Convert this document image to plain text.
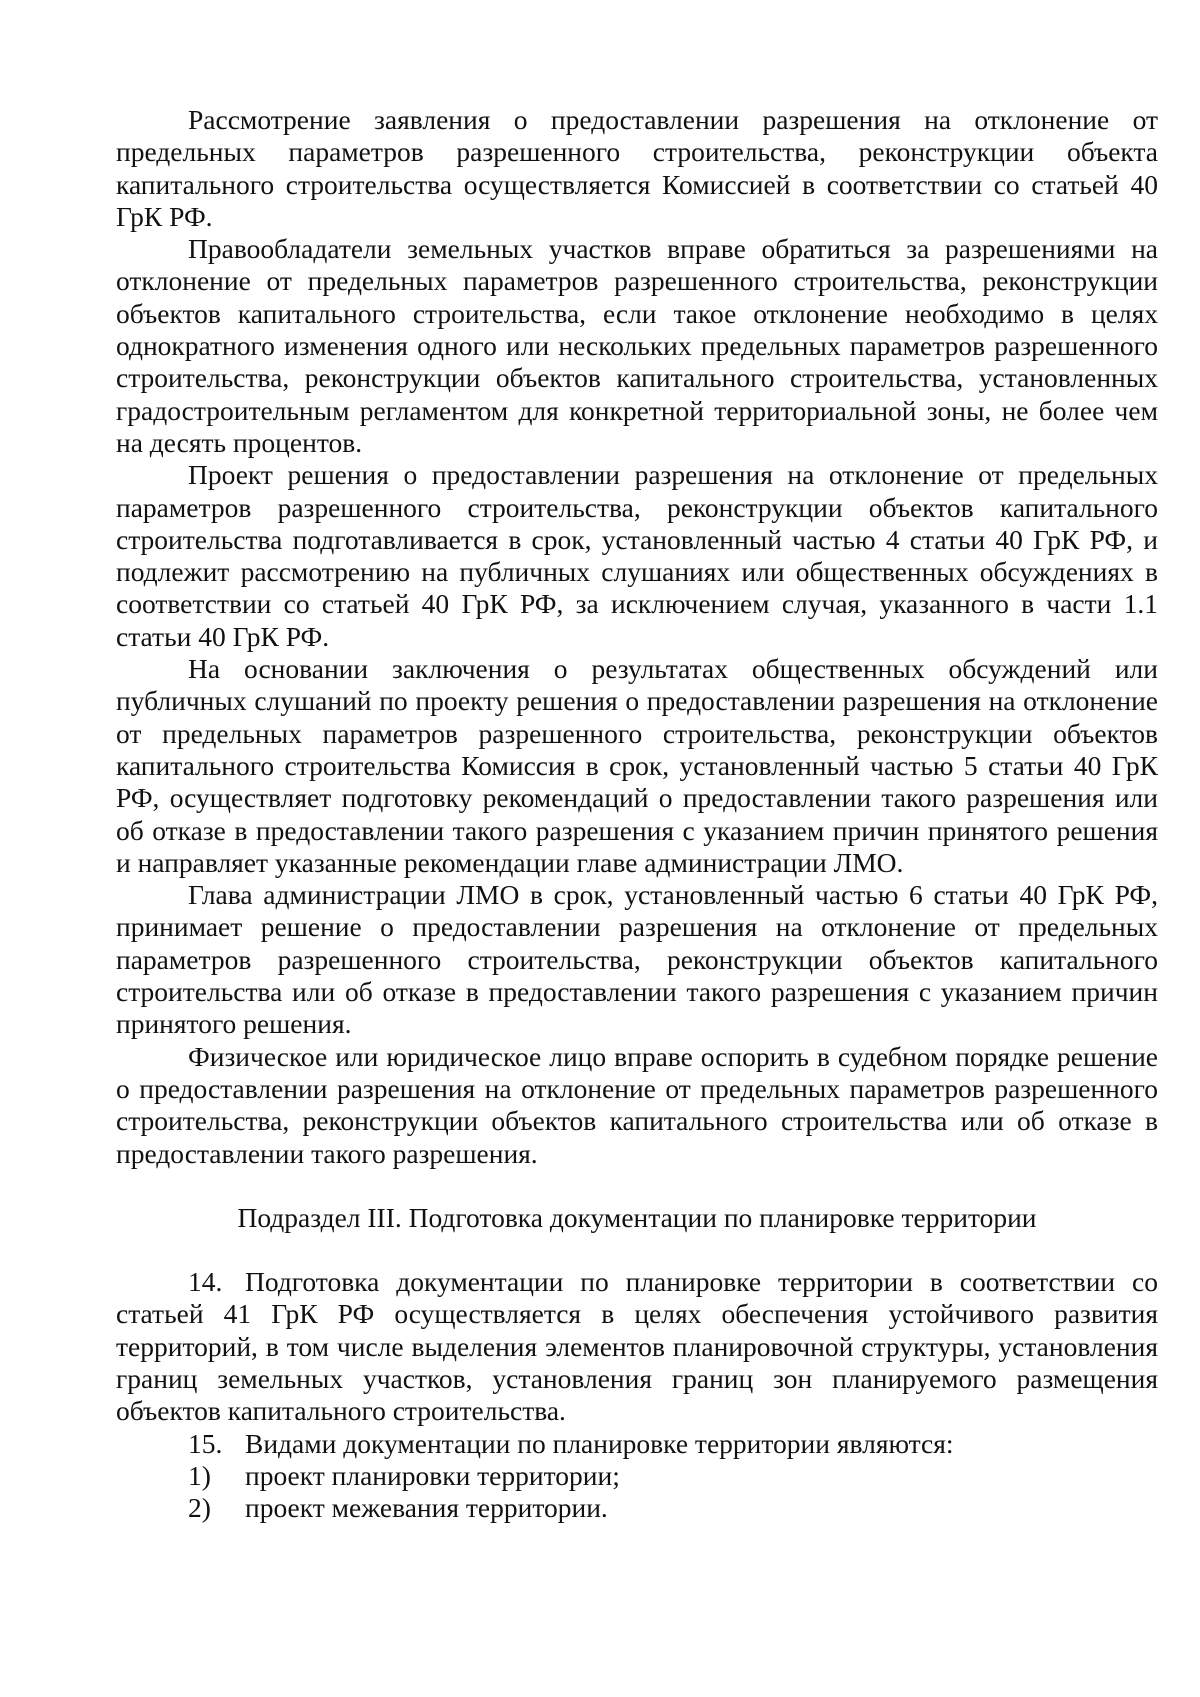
Рассмотрение заявления о предоставлении разрешения на отклонение от предельных параметров разрешенного строительства, реконструкции объекта капитального строительства осуществляется Комиссией в соответствии со статьей 40 ГрК РФ.

Правообладатели земельных участков вправе обратиться за разрешениями на отклонение от предельных параметров разрешенного строительства, реконструкции объектов капитального строительства, если такое отклонение необходимо в целях однократного изменения одного или нескольких предельных параметров разрешенного строительства, реконструкции объектов капитального строительства, установленных градостроительным регламентом для конкретной территориальной зоны, не более чем на десять процентов.

Проект решения о предоставлении разрешения на отклонение от предельных параметров разрешенного строительства, реконструкции объектов капитального строительства подготавливается в срок, установленный частью 4 статьи 40 ГрК РФ, и подлежит рассмотрению на публичных слушаниях или общественных обсуждениях в соответствии со статьей 40 ГрК РФ, за исключением случая, указанного в части 1.1 статьи 40 ГрК РФ.

На основании заключения о результатах общественных обсуждений или публичных слушаний по проекту решения о предоставлении разрешения на отклонение от предельных параметров разрешенного строительства, реконструкции объектов капитального строительства Комиссия в срок, установленный частью 5 статьи 40 ГрК РФ, осуществляет подготовку рекомендаций о предоставлении такого разрешения или об отказе в предоставлении такого разрешения с указанием причин принятого решения и направляет указанные рекомендации главе администрации ЛМО.

Глава администрации ЛМО в срок, установленный частью 6 статьи 40 ГрК РФ, принимает решение о предоставлении разрешения на отклонение от предельных параметров разрешенного строительства, реконструкции объектов капитального строительства или об отказе в предоставлении такого разрешения с указанием причин принятого решения.

Физическое или юридическое лицо вправе оспорить в судебном порядке решение о предоставлении разрешения на отклонение от предельных параметров разрешенного строительства, реконструкции объектов капитального строительства или об отказе в предоставлении такого разрешения.

Подраздел III. Подготовка документации по планировке территории

14. Подготовка документации по планировке территории в соответствии со статьей 41 ГрК РФ осуществляется в целях обеспечения устойчивого развития территорий, в том числе выделения элементов планировочной структуры, установления границ земельных участков, установления границ зон планируемого размещения объектов капитального строительства.

15. Видами документации по планировке территории являются:

1) проект планировки территории;

2) проект межевания территории.
